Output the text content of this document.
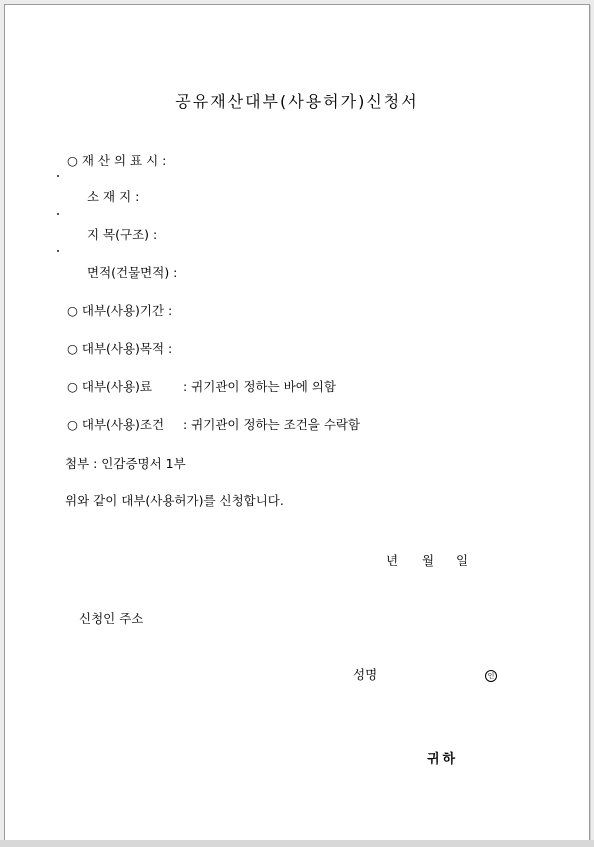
공유재산대부(사용허가)신청서
○ 재 산 의 표 시 :
소 재 지 :
지 목(구조) :
면적(건물면적) :
○ 대부(사용)기간 :
○ 대부(사용)목적 :
○ 대부(사용)료 : 귀기관이 정하는 바에 의함
○ 대부(사용)조건 : 귀기관이 정하는 조건을 수락함
첨부 : 인감증명서 1부
위와 같이 대부(사용허가)를 신청합니다.
년 월 일
신청인 주소
성명	인
귀하
